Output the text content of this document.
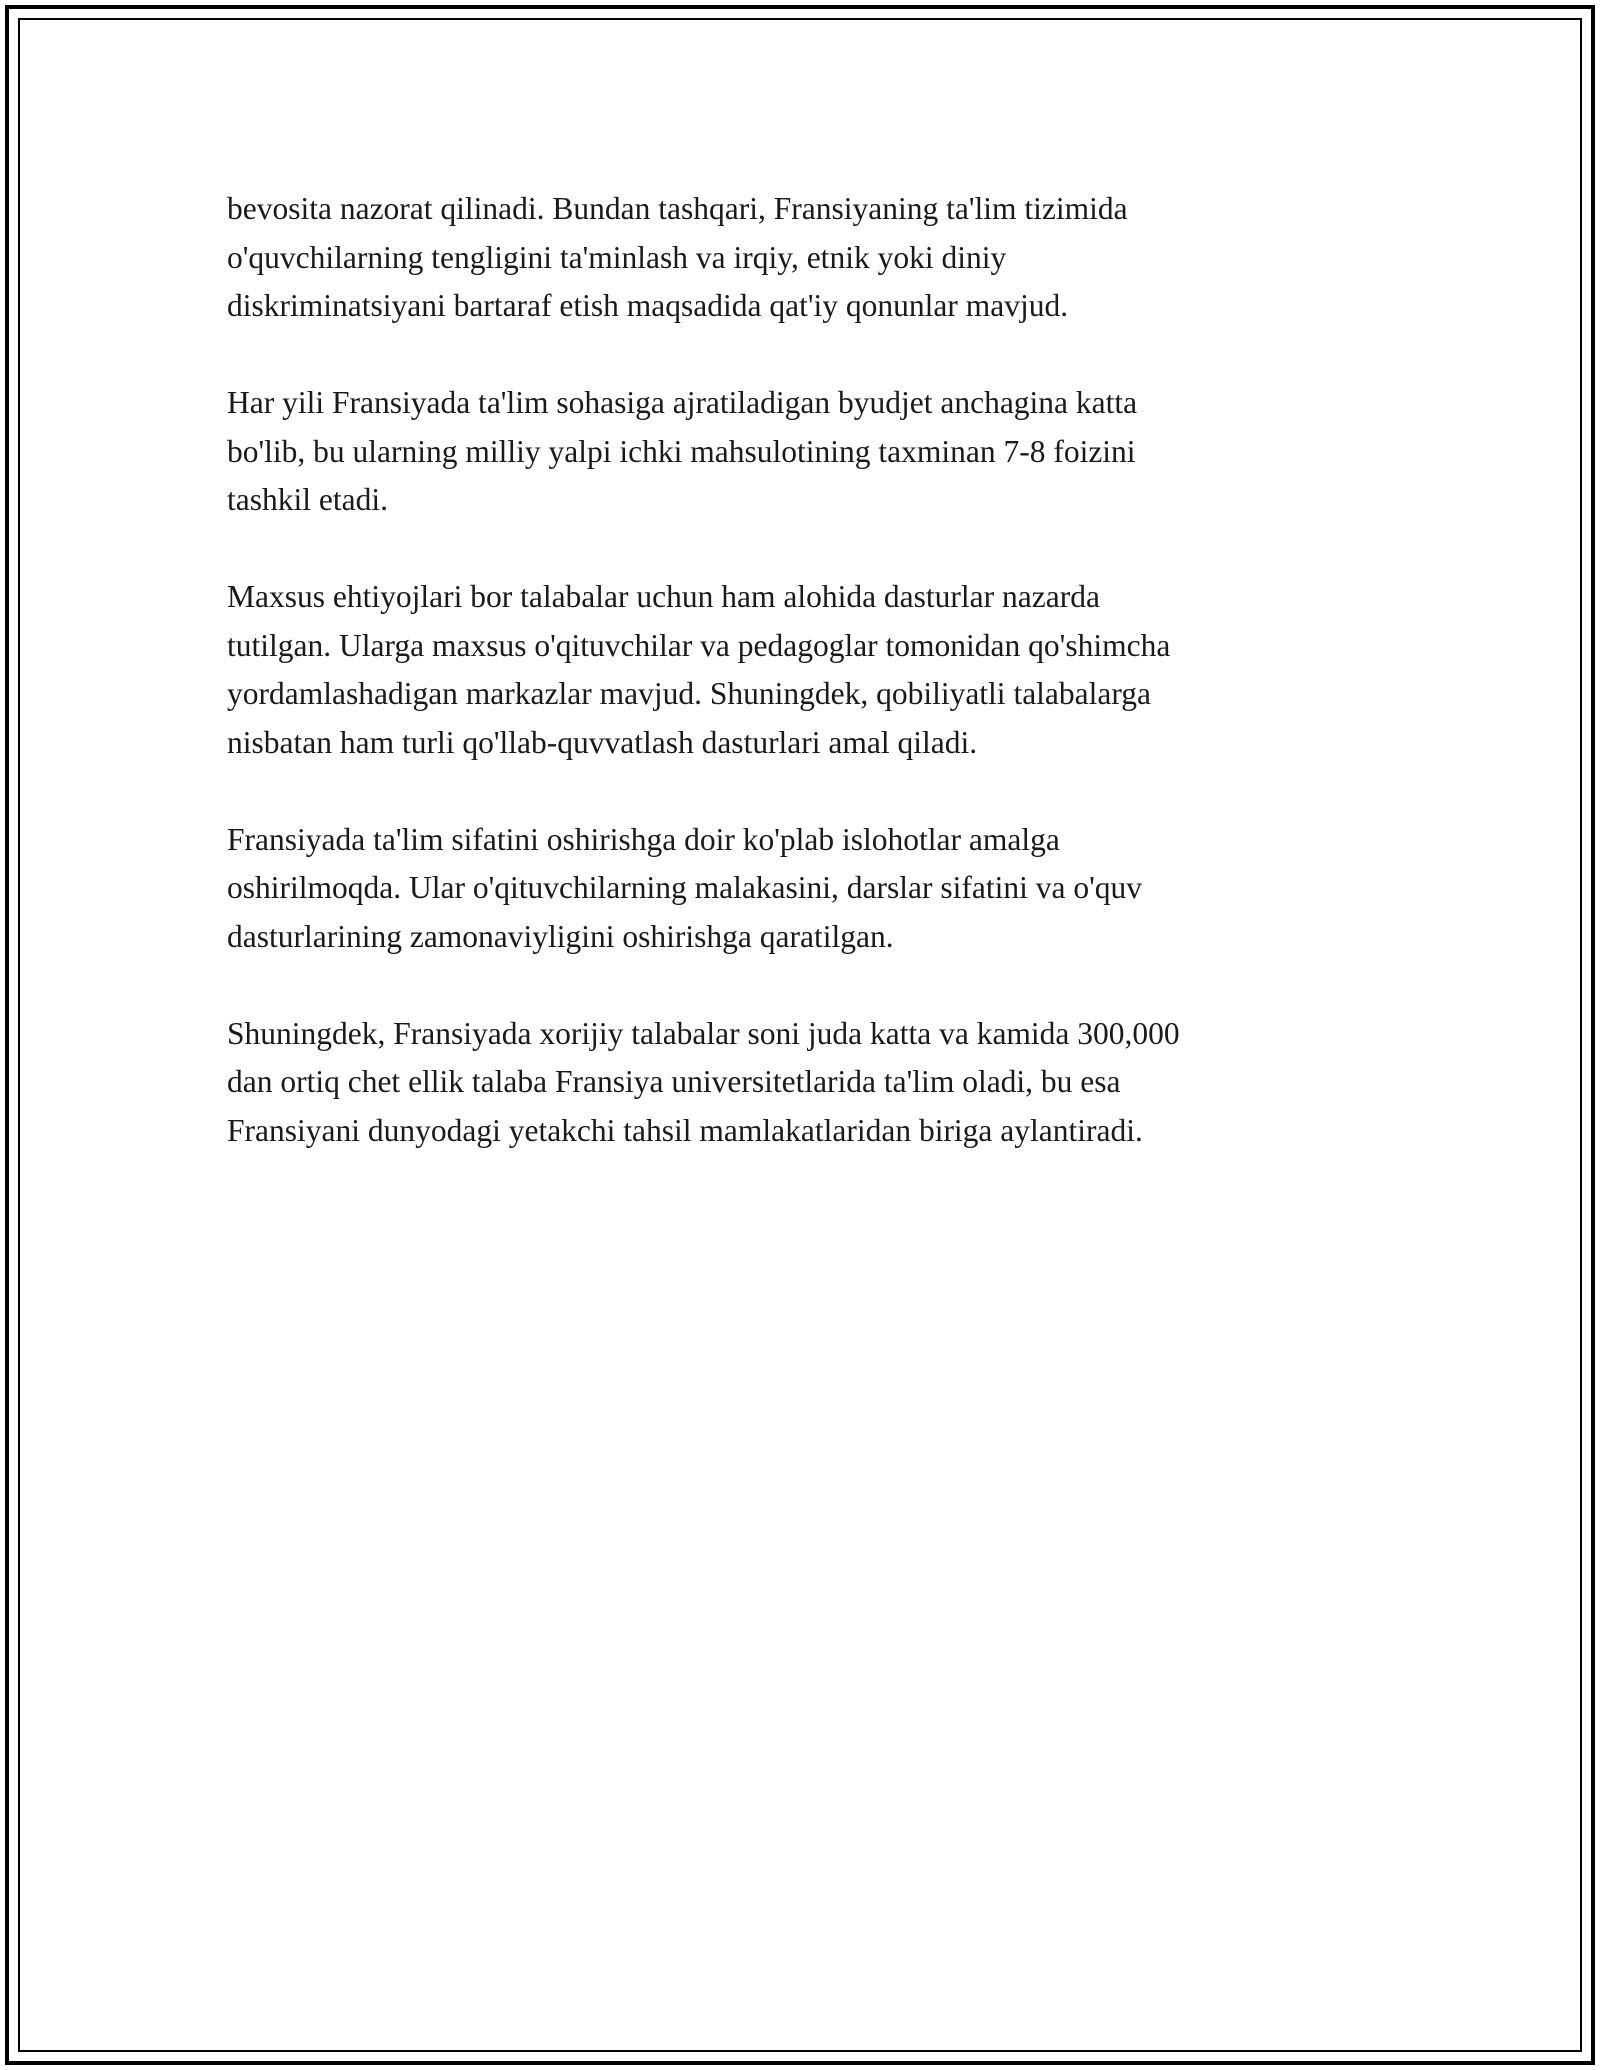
bevosita nazorat qilinadi. Bundan tashqari, Fransiyaning ta'lim tizimida
o'quvchilarning tengligini ta'minlash va irqiy, etnik yoki diniy
diskriminatsiyani bartaraf etish maqsadida qat'iy qonunlar mavjud.

Har yili Fransiyada ta'lim sohasiga ajratiladigan byudjet anchagina katta
bo'lib, bu ularning milliy yalpi ichki mahsulotining taxminan 7-8 foizini
tashkil etadi.

Maxsus ehtiyojlari bor talabalar uchun ham alohida dasturlar nazarda
tutilgan. Ularga maxsus o'qituvchilar va pedagoglar tomonidan qo'shimcha
yordamlashadigan markazlar mavjud. Shuningdek, qobiliyatli talabalarga
nisbatan ham turli qo'llab-quvvatlash dasturlari amal qiladi.

Fransiyada ta'lim sifatini oshirishga doir ko'plab islohotlar amalga
oshirilmoqda. Ular o'qituvchilarning malakasini, darslar sifatini va o'quv
dasturlarining zamonaviyligini oshirishga qaratilgan.

Shuningdek, Fransiyada xorijiy talabalar soni juda katta va kamida 300,000
dan ortiq chet ellik talaba Fransiya universitetlarida ta'lim oladi, bu esa
Fransiyani dunyodagi yetakchi tahsil mamlakatlaridan biriga aylantiradi.
